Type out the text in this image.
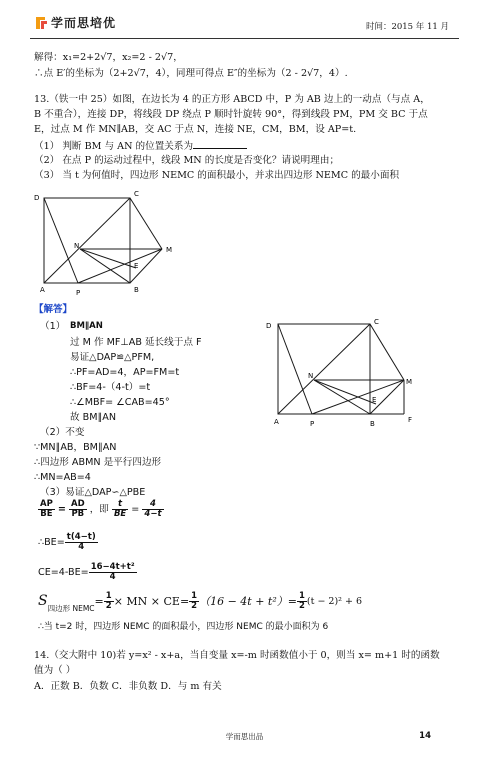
学而思培优	时间：2015 年 11 月
解得：x₁=2+2√7，x₂=2 - 2√7，
∴点 E′的坐标为（2+2√7，4），同理可得点 E″的坐标为（2 - 2√7，4）.
13.（铁一中 25）如图，在边长为 4 的正方形 ABCD 中，P 为 AB 边上的一动点（与点 A，
B 不重合），连接 DP，将线段 DP 绕点 P 顺时针旋转 90°，得到线段 PM，PM 交 BC 于点
E，过点 M 作 MN∥AB，交 AC 于点 N，连接 NE，CM，BM，设 AP=t.
（1） 判断 BM 与 AN 的位置关系为
（2） 在点 P 的运动过程中，线段 MN 的长度是否变化？请说明理由；
（3） 当 t 为何值时，四边形 NEMC 的面积最小，并求出四边形 NEMC 的最小面积
D	C
N	M
E
A	P	B
【解答】
（1） BM∥AN
过 M 作 MF⊥AB 延长线于点 F
易证△DAP≌△PFM,
∴PF=AD=4，AP=FM=t
∴BF=4-（4-t）=t
∴∠MBF= ∠CAB=45°
故 BM∥AN
D	C
N
M
E
A	P	B	F
（2）不变
∵MN∥AB，BM∥AN
∴四边形 ABMN 是平行四边形
∴MN=AB=4
（3）易证△DAP∽△PBE
$\frac{AP}{BE} = \frac{AD}{PB}$ ，即 $\frac{t}{BE} = \frac{4}{4-t}$
∴BE= $\frac{t(4-t)}{4}$
$CE=4-BE= \frac{\text{16−4t+t²}}{4}$
$S_{四边形 NEMC}= \frac{1}{2}$ × MN × $CE= \frac{1}{2} (16 - 4t + t^2)= \frac{1}{2} (t - 2)^2 + 6$
∴当 t=2 时，四边形 NEMC 的面积最小，四边形 NEMC 的最小面积为 6
14.（交大附中 10)若 y=x² - x+a，当自变量 x=-m 时函数值小于 0，则当 x= m+1 时的函数
值为（ ）
A．正数 B．负数 C．非负数 D．与 m 有关
学而思出品	14
